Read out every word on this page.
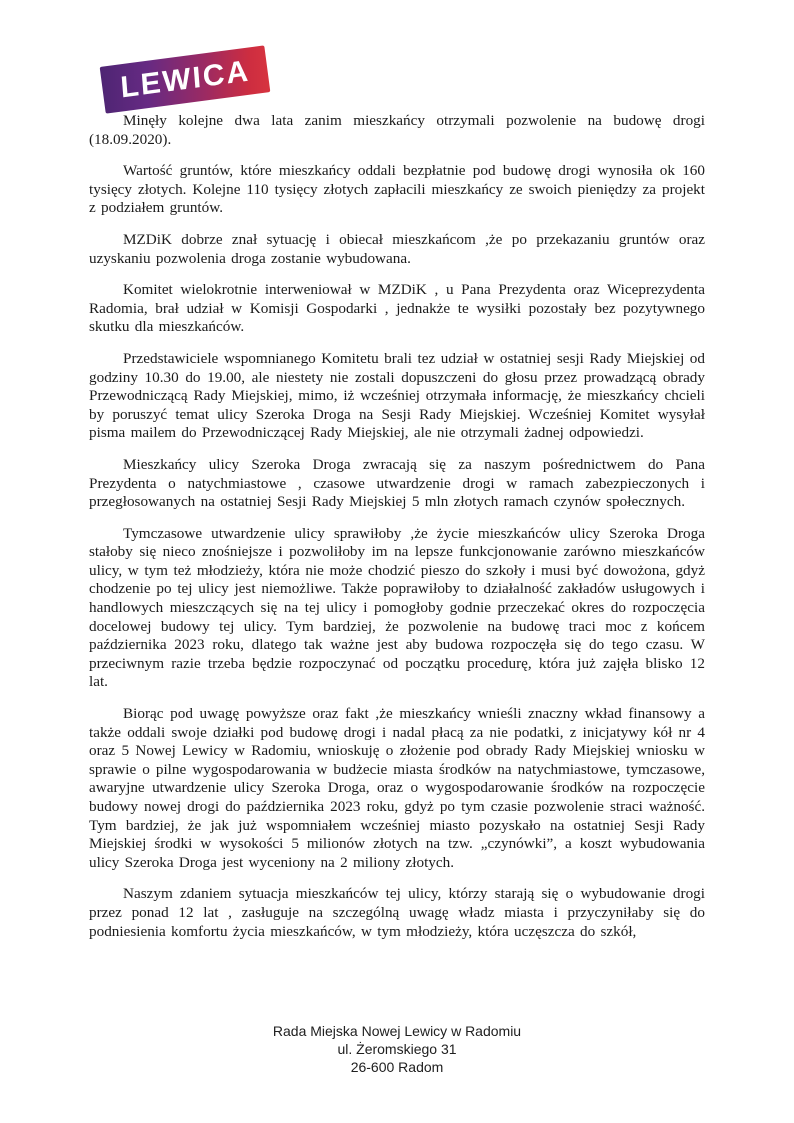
LEWICA

Minęły kolejne dwa lata zanim mieszkańcy otrzymali pozwolenie na budowę drogi (18.09.2020).

Wartość gruntów, które mieszkańcy oddali bezpłatnie pod budowę drogi wynosiła ok 160 tysięcy złotych. Kolejne 110 tysięcy złotych zapłacili mieszkańcy ze swoich pieniędzy za projekt z podziałem gruntów.

MZDiK dobrze znał sytuację i obiecał mieszkańcom ,że po przekazaniu gruntów oraz uzyskaniu pozwolenia droga zostanie wybudowana.

Komitet wielokrotnie interweniował w MZDiK , u Pana Prezydenta oraz Wiceprezydenta Radomia, brał udział w Komisji Gospodarki , jednakże te wysiłki pozostały bez pozytywnego skutku dla mieszkańców.

Przedstawiciele wspomnianego Komitetu brali tez udział w ostatniej sesji Rady Miejskiej od godziny 10.30 do 19.00, ale niestety nie zostali dopuszczeni do głosu przez prowadzącą obrady Przewodniczącą Rady Miejskiej, mimo, iż wcześniej otrzymała informację, że mieszkańcy chcieli by poruszyć temat ulicy Szeroka Droga na Sesji Rady Miejskiej. Wcześniej Komitet wysyłał pisma mailem do Przewodniczącej Rady Miejskiej, ale nie otrzymali żadnej odpowiedzi.

Mieszkańcy ulicy Szeroka Droga zwracają się za naszym pośrednictwem do Pana Prezydenta o natychmiastowe , czasowe utwardzenie drogi w ramach zabezpieczonych i przegłosowanych na ostatniej Sesji Rady Miejskiej 5 mln złotych ramach czynów społecznych.

Tymczasowe utwardzenie ulicy sprawiłoby ,że życie mieszkańców ulicy Szeroka Droga stałoby się nieco znośniejsze i pozwoliłoby im na lepsze funkcjonowanie zarówno mieszkańców ulicy, w tym też młodzieży, która nie może chodzić pieszo do szkoły i musi być dowożona, gdyż chodzenie po tej ulicy jest niemożliwe. Także poprawiłoby to działalność zakładów usługowych i handlowych mieszczących się na tej ulicy i pomogłoby godnie przeczekać okres do rozpoczęcia docelowej budowy tej ulicy. Tym bardziej, że pozwolenie na budowę traci moc z końcem października 2023 roku, dlatego tak ważne jest aby budowa rozpoczęła się do tego czasu. W przeciwnym razie trzeba będzie rozpoczynać od początku procedurę, która już zajęła blisko 12 lat.

Biorąc pod uwagę powyższe oraz fakt ,że mieszkańcy wnieśli znaczny wkład finansowy a także oddali swoje działki pod budowę drogi i nadal płacą za nie podatki, z inicjatywy kół nr 4 oraz 5 Nowej Lewicy w Radomiu, wnioskuję o złożenie pod obrady Rady Miejskiej wniosku w sprawie o pilne wygospodarowania w budżecie miasta środków na natychmiastowe, tymczasowe, awaryjne utwardzenie ulicy Szeroka Droga, oraz o wygospodarowanie środków na rozpoczęcie budowy nowej drogi do października 2023 roku, gdyż po tym czasie pozwolenie straci ważność. Tym bardziej, że jak już wspomniałem wcześniej miasto pozyskało na ostatniej Sesji Rady Miejskiej środki w wysokości 5 milionów złotych na tzw. „czynówki”, a koszt wybudowania ulicy Szeroka Droga jest wyceniony na 2 miliony złotych.

Naszym zdaniem sytuacja mieszkańców tej ulicy, którzy starają się o wybudowanie drogi przez ponad 12 lat , zasługuje na szczególną uwagę władz miasta i przyczyniłaby się do podniesienia komfortu życia mieszkańców, w tym młodzieży, która uczęszcza do szkół,

Rada Miejska Nowej Lewicy w Radomiu
ul. Żeromskiego 31
26-600 Radom
